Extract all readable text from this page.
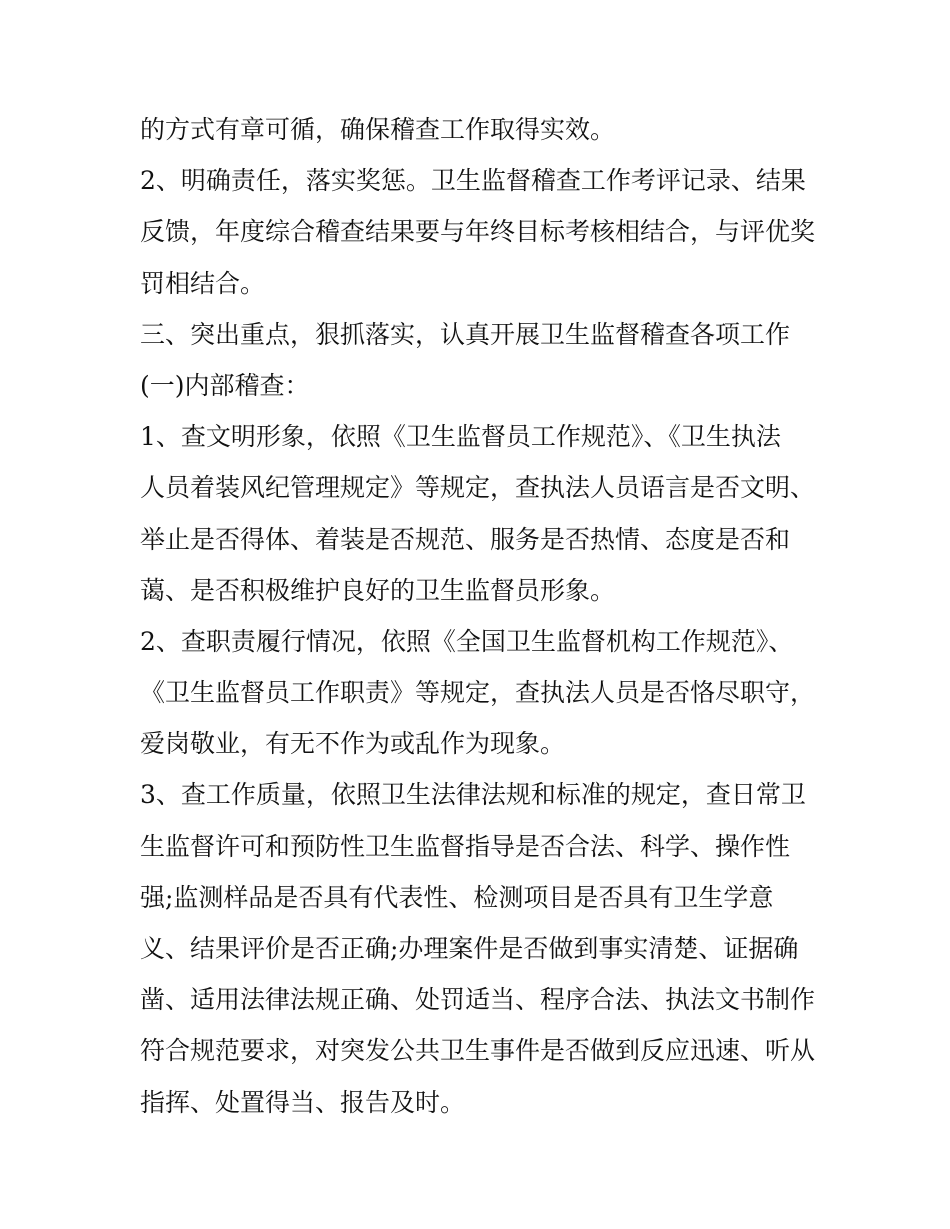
的方式有章可循，确保稽查工作取得实效。
2、明确责任，落实奖惩。卫生监督稽查工作考评记录、结果
反馈，年度综合稽查结果要与年终目标考核相结合，与评优奖
罚相结合。
三、突出重点，狠抓落实，认真开展卫生监督稽查各项工作
(一)内部稽查：
1、查文明形象，依照《卫生监督员工作规范》、《卫生执法
人员着装风纪管理规定》等规定，查执法人员语言是否文明、
举止是否得体、着装是否规范、服务是否热情、态度是否和
蔼、是否积极维护良好的卫生监督员形象。
2、查职责履行情况，依照《全国卫生监督机构工作规范》、
《卫生监督员工作职责》等规定，查执法人员是否恪尽职守，
爱岗敬业，有无不作为或乱作为现象。
3、查工作质量，依照卫生法律法规和标准的规定，查日常卫
生监督许可和预防性卫生监督指导是否合法、科学、操作性
强;监测样品是否具有代表性、检测项目是否具有卫生学意
义、结果评价是否正确;办理案件是否做到事实清楚、证据确
凿、适用法律法规正确、处罚适当、程序合法、执法文书制作
符合规范要求，对突发公共卫生事件是否做到反应迅速、听从
指挥、处置得当、报告及时。
